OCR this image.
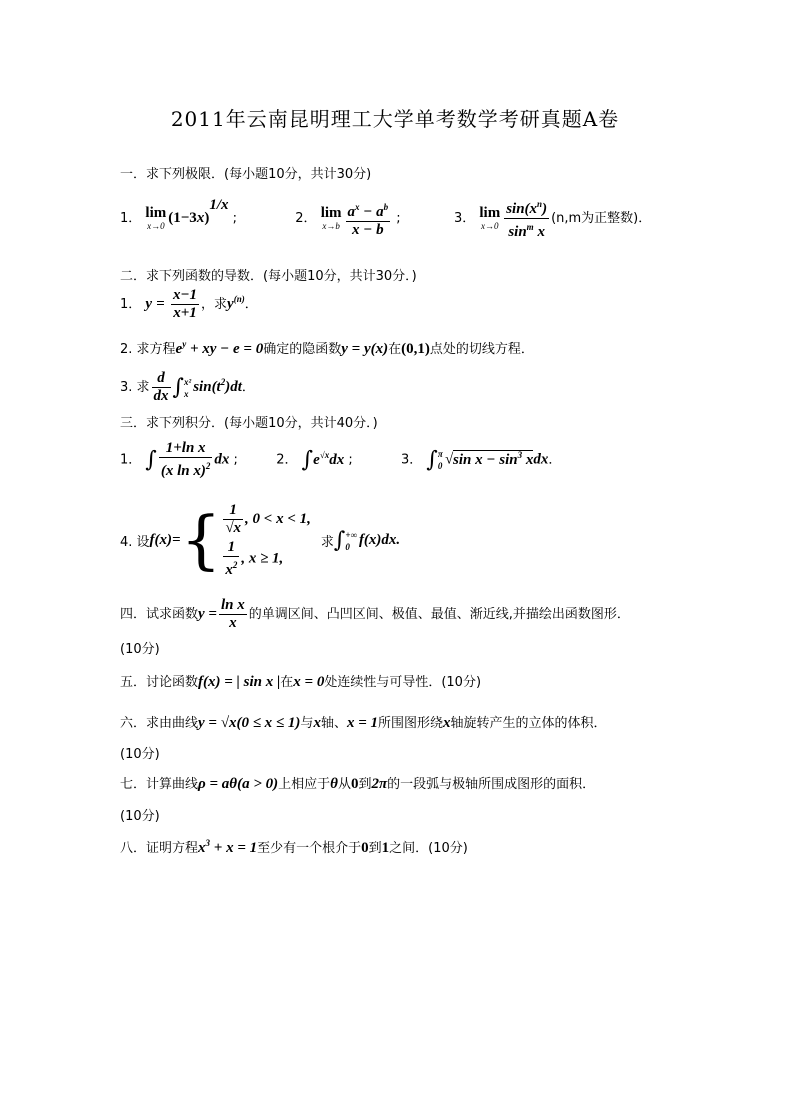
2011年云南昆明理工大学单考数学考研真题A卷
一．求下列极限．(每小题10分，共计30分)
1． lim
x→0 $(1-3x)^{1/x}$ ;	2． lim
$x\to b \frac{a^x - a^b}{x - b}$ ;	3． lim
$x\to 0 \frac{\sin(x^n)}{\sin^m x} (n,m$为正整数)．
二．求下列函数的导数．(每小题10分，共计30分．)
1． $y = \frac{x-1}{x+1}$ ，求$y^{(n)}$．
2. 求方程$e^y$ + xy − e = 0确定的隐函数y = y(x)在(0,1)点处的切线方程．
3. 求 $\frac{d}{dx}$ ∫ x²
x $\sin(t^2)dt$．
三．求下列积分．(每小题10分，共计40分．)
1． ∫ $\frac{\text{1+ln x}}{(x \ln x)^2}$ dx ;	2． $\int e^{√x}dx$ ;	3． ∫ π
0 √sin $x - \sin^3$ xdx．
4. 设$f(x)=\{ \frac{1}{√x}$ , 0 < x < 1,
$\frac{1}{x^2}$ , x ≥ 1,
求∫ +∞
0 f(x)dx.
四．试求函数$y = \frac{\text{ln x}}{x}$ 的单调区间、凸凹区间、极值、最值、渐近线,并描绘出函数图形．
(10分)
五．讨论函数f(x) = | sin x |在x = 0处连续性与可导性．(10分)
六．求由曲线y = √x(0 ≤ x ≤ 1)与x轴、x = 1所围图形绕x轴旋转产生的立体的体积．
(10分)
七．计算曲线ρ = aθ(a > 0)上相应于θ从0到2π的一段弧与极轴所围成图形的面积．
(10分)
八．证明方程$x^3 + x = 1$至少有一个根介于0到1之间．(10分)
